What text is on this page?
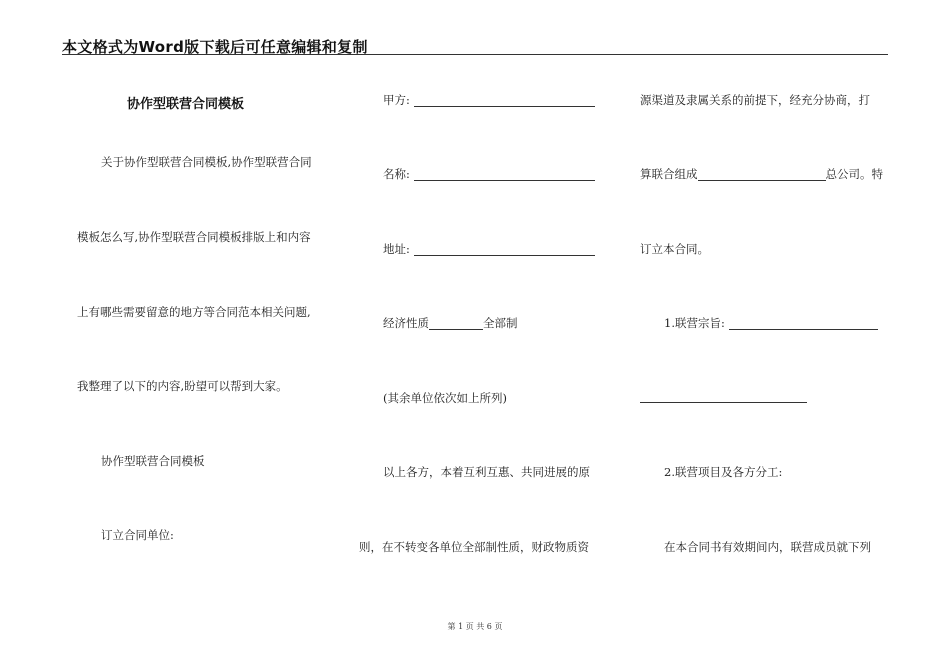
本文格式为Word版下载后可任意编辑和复制
协作型联营合同模板
关于协作型联营合同模板,协作型联营合同
模板怎么写,协作型联营合同模板排版上和内容
上有哪些需要留意的地方等合同范本相关问题,
我整理了以下的内容,盼望可以帮到大家。
协作型联营合同模板
订立合同单位:
甲方:
名称:
地址:
经济性质	全部制
(其余单位依次如上所列)
以上各方，本着互利互惠、共同进展的原
则，在不转变各单位全部制性质，财政物质资
源渠道及隶属关系的前提下，经充分协商，打
算联合组成	总公司。特
订立本合同。
1.联营宗旨:
2.联营项目及各方分工:
在本合同书有效期间内，联营成员就下列
第 1 页 共 6 页
